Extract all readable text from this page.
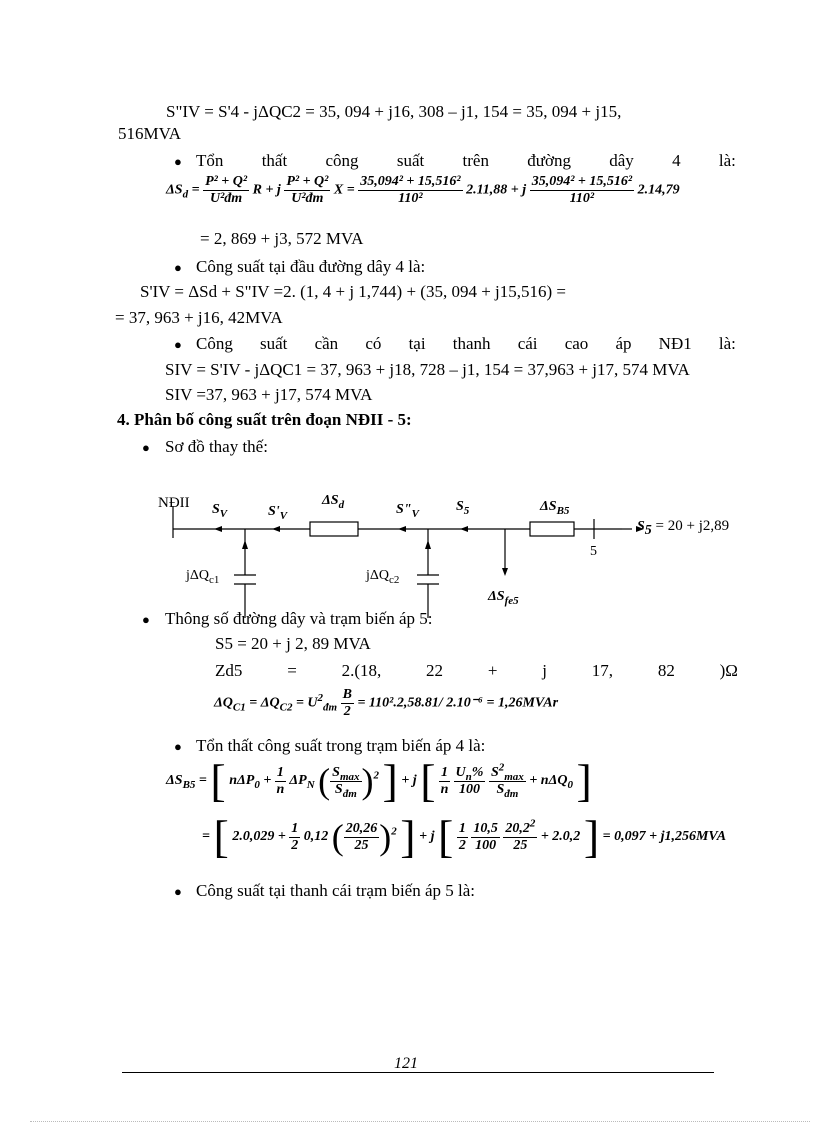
S"IV = S'4 - jΔQC2 = 35, 094 + j16, 308 – j1, 154 = 35, 094 + j15,
516MVA
● Tổn thất công suất trên đường dây 4 là:
$\Delta S_d = \frac{\text{P² + Q²}}{\text{U²đm}}$ R + j $\frac{\text{P² + Q²}}{\text{U²đm}}$ $X = \frac{\text{35,094² + 15,516²}}{\text{110²}} 2.11,88 + j \frac{\text{35,094² + 15,516²}}{\text{110²}} 2.14,79$
= 2, 869 + j3, 572 MVA
● Công suất tại đầu đường dây 4 là:
S'IV = ΔSd + S"IV =2. (1, 4 + j 1,744) + (35, 094 + j15,516) =
= 37, 963 + j16, 42MVA
● Công suất cần có tại thanh cái cao áp NĐ1 là:
SIV = S'IV - jΔQC1 = 37, 963 + j18, 728 – j1, 154 = 37,963 + j17, 574 MVA
SIV =37, 963 + j17, 574 MVA
4. Phân bố công suất trên đoạn NĐII - 5:
● Sơ đồ thay thế:
NĐII $S_V$	$S'_V$
$\Delta S_d$	$S"_V$	$S_5$	$\Delta S_{B5}$
$S_5 = 20 + j2,89$
5
jΔQ$_{c1}$	jΔQ$_{c2}$
$\Delta S_{fe5}$
● Thông số đường dây và trạm biến áp 5:
S5 = 20 + j 2, 89 MVA
Zd5	=	2.(18,	22	+	j	17,	82	)Ω
$\Delta Q_{C1} = \Delta Q_{C2} = U^2_{đm} \frac{B}{2} = 110^2.2,58.81/$ 2.10⁻⁶ = 1,26MVAr
● Tổn thất công suất trong trạm biến áp 4 là:
$\Delta S_{B5}$ = [ $n\Delta P_0 + \frac{1}{n} \Delta P_N$ ( $\frac{S_{max}}{S_{đm}} )^2$ ] + j [ $\frac{1}{n}$
$\frac{U_n\%}{100}$
$\frac{S^2_{max}}{S_{đm}} + n\Delta Q_0$ ]
= [ $2.0,029 + \frac{1}{2} 0,12$ ( $\frac{20,26}{25} )^2$ ] + j [ $\frac{1}{2}$
$\frac{10,5}{100}$
$\frac{20,2^2}{25} + 2.0,2$ ] = 0,097 + j1,256MVA
● Công suất tại thanh cái trạm biến áp 5 là:
121
Δ
